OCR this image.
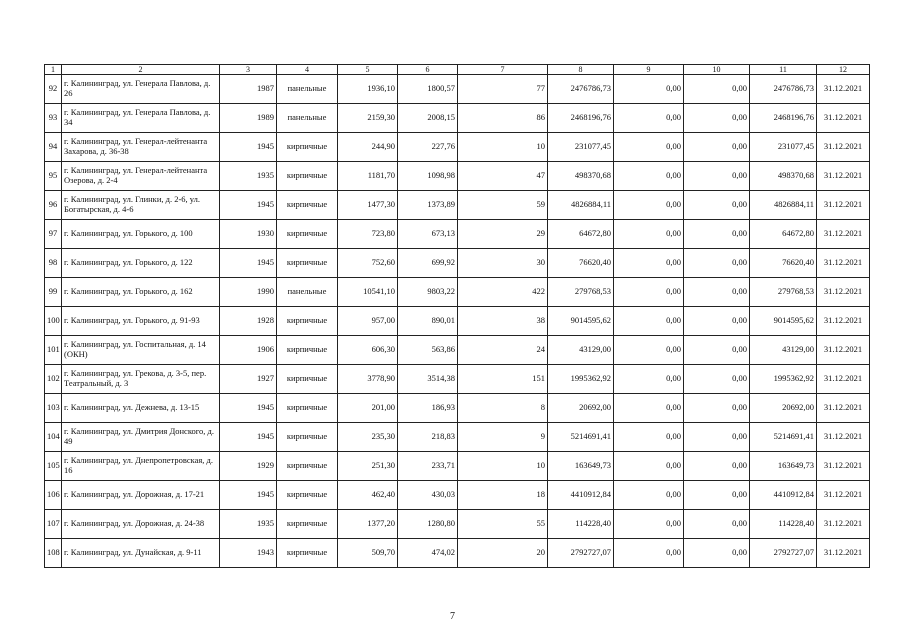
1	2	3	4	5	6	7	8	9	10	11	12
92	г. Калининград, ул. Генерала Павлова, д. 26	1987	панельные	1936,10	1800,57	77	2476786,73	0,00	0,00	2476786,73	31.12.2021
93	г. Калининград, ул. Генерала Павлова, д. 34	1989	панельные	2159,30	2008,15	86	2468196,76	0,00	0,00	2468196,76	31.12.2021
94	г. Калининград, ул. Генерал-лейтенанта Захарова, д. 36-38	1945	кирпичные	244,90	227,76	10	231077,45	0,00	0,00	231077,45	31.12.2021
95	г. Калининград, ул. Генерал-лейтенанта Озерова, д. 2-4	1935	кирпичные	1181,70	1098,98	47	498370,68	0,00	0,00	498370,68	31.12.2021
96	г. Калининград, ул. Глинки, д. 2-6, ул. Богатырская, д. 4-6	1945	кирпичные	1477,30	1373,89	59	4826884,11	0,00	0,00	4826884,11	31.12.2021
97	г. Калининград, ул. Горького, д. 100	1930	кирпичные	723,80	673,13	29	64672,80	0,00	0,00	64672,80	31.12.2021
98	г. Калининград, ул. Горького, д. 122	1945	кирпичные	752,60	699,92	30	76620,40	0,00	0,00	76620,40	31.12.2021
99	г. Калининград, ул. Горького, д. 162	1990	панельные	10541,10	9803,22	422	279768,53	0,00	0,00	279768,53	31.12.2021
100	г. Калининград, ул. Горького, д. 91-93	1928	кирпичные	957,00	890,01	38	9014595,62	0,00	0,00	9014595,62	31.12.2021
101	г. Калининград, ул. Госпитальная, д. 14 (ОКН)	1906	кирпичные	606,30	563,86	24	43129,00	0,00	0,00	43129,00	31.12.2021
102	г. Калининград, ул. Грекова, д. 3-5, пер. Театральный, д. 3	1927	кирпичные	3778,90	3514,38	151	1995362,92	0,00	0,00	1995362,92	31.12.2021
103	г. Калининград, ул. Дежнева, д. 13-15	1945	кирпичные	201,00	186,93	8	20692,00	0,00	0,00	20692,00	31.12.2021
104	г. Калининград, ул. Дмитрия Донского, д. 49	1945	кирпичные	235,30	218,83	9	5214691,41	0,00	0,00	5214691,41	31.12.2021
105	г. Калининград, ул. Днепропетровская, д. 16	1929	кирпичные	251,30	233,71	10	163649,73	0,00	0,00	163649,73	31.12.2021
106	г. Калининград, ул. Дорожная, д. 17-21	1945	кирпичные	462,40	430,03	18	4410912,84	0,00	0,00	4410912,84	31.12.2021
107	г. Калининград, ул. Дорожная, д. 24-38	1935	кирпичные	1377,20	1280,80	55	114228,40	0,00	0,00	114228,40	31.12.2021
108	г. Калининград, ул. Дунайская, д. 9-11	1943	кирпичные	509,70	474,02	20	2792727,07	0,00	0,00	2792727,07	31.12.2021
7
